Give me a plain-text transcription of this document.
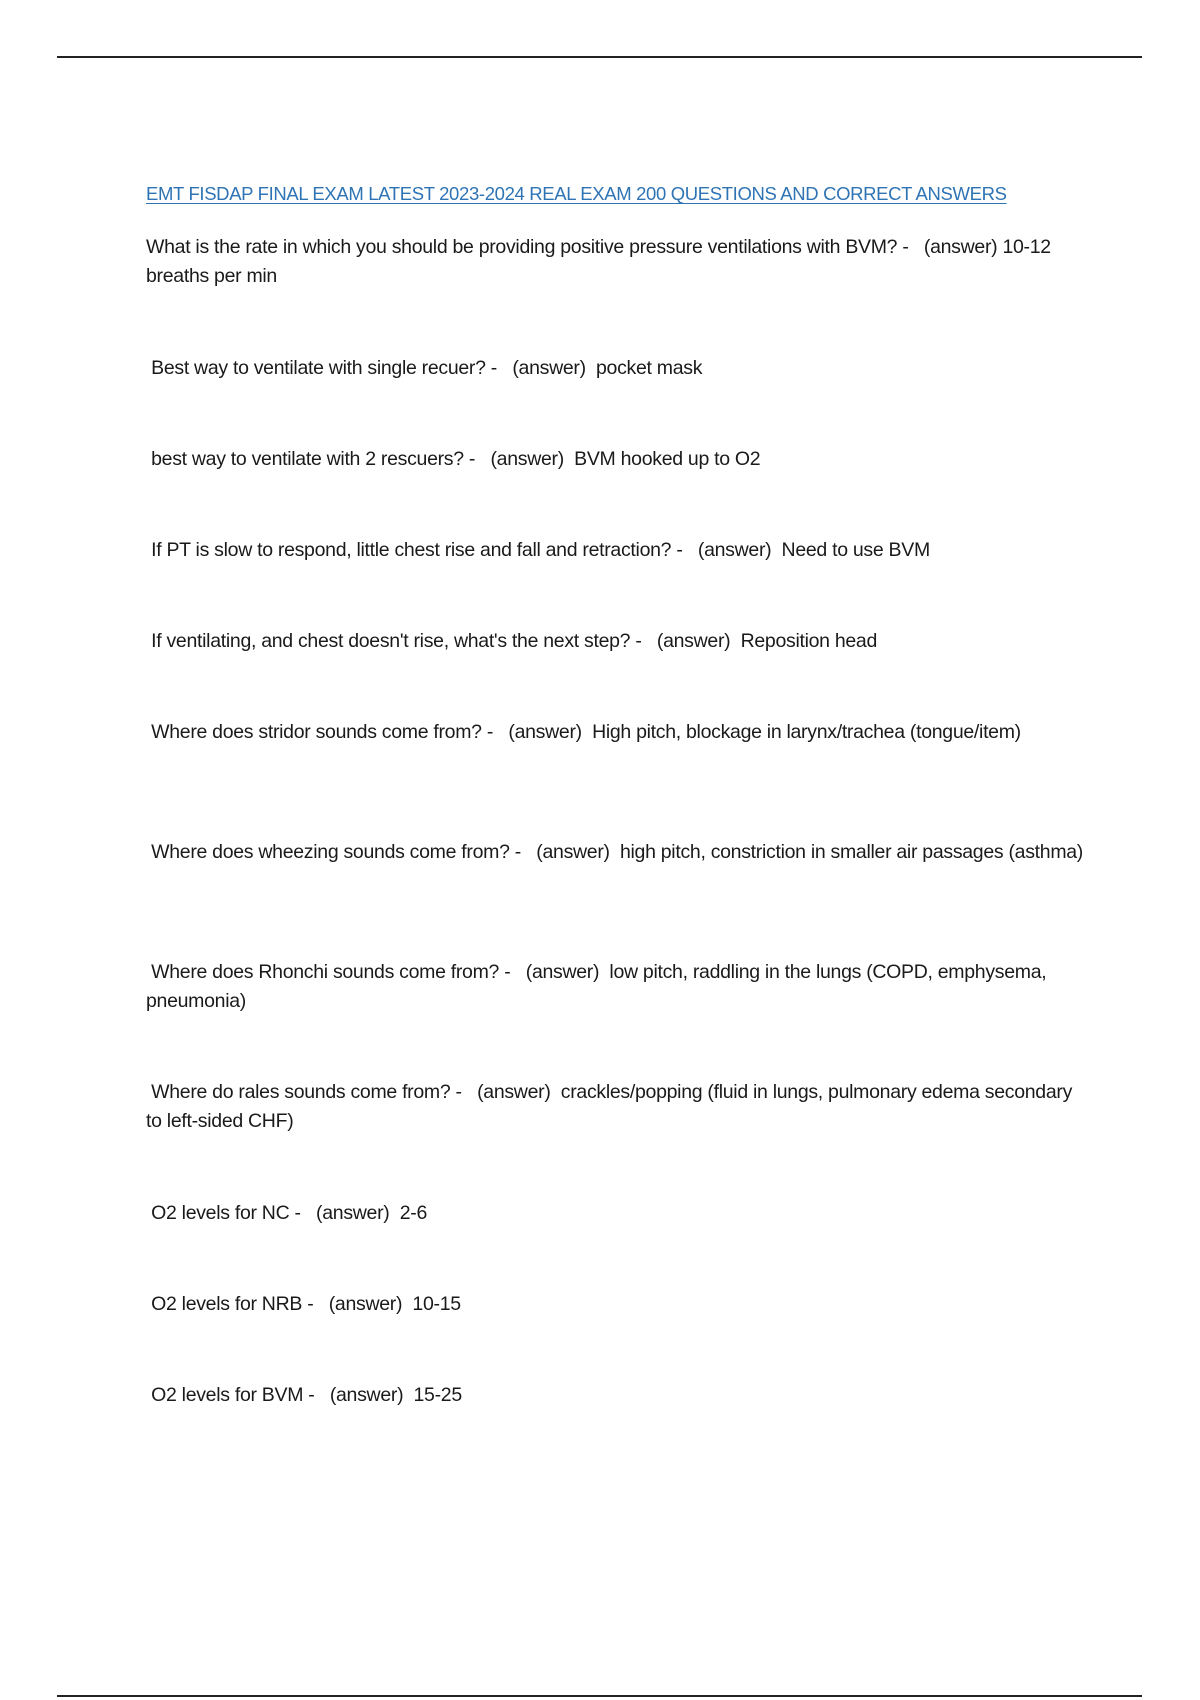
EMT FISDAP FINAL EXAM LATEST 2023-2024 REAL EXAM 200 QUESTIONS AND CORRECT ANSWERS
What is the rate in which you should be providing positive pressure ventilations with BVM? -   (answer) 10-12 breaths per min
Best way to ventilate with single recuer? -   (answer)  pocket mask
best way to ventilate with 2 rescuers? -   (answer)  BVM hooked up to O2
If PT is slow to respond, little chest rise and fall and retraction? -   (answer)  Need to use BVM
If ventilating, and chest doesn't rise, what's the next step? -   (answer)  Reposition head
Where does stridor sounds come from? -   (answer)  High pitch, blockage in larynx/trachea (tongue/item)
Where does wheezing sounds come from? -   (answer)  high pitch, constriction in smaller air passages (asthma)
Where does Rhonchi sounds come from? -   (answer)  low pitch, raddling in the lungs (COPD, emphysema, pneumonia)
Where do rales sounds come from? -   (answer)  crackles/popping (fluid in lungs, pulmonary edema secondary to left-sided CHF)
O2 levels for NC -   (answer)  2-6
O2 levels for NRB -   (answer)  10-15
O2 levels for BVM -   (answer)  15-25
